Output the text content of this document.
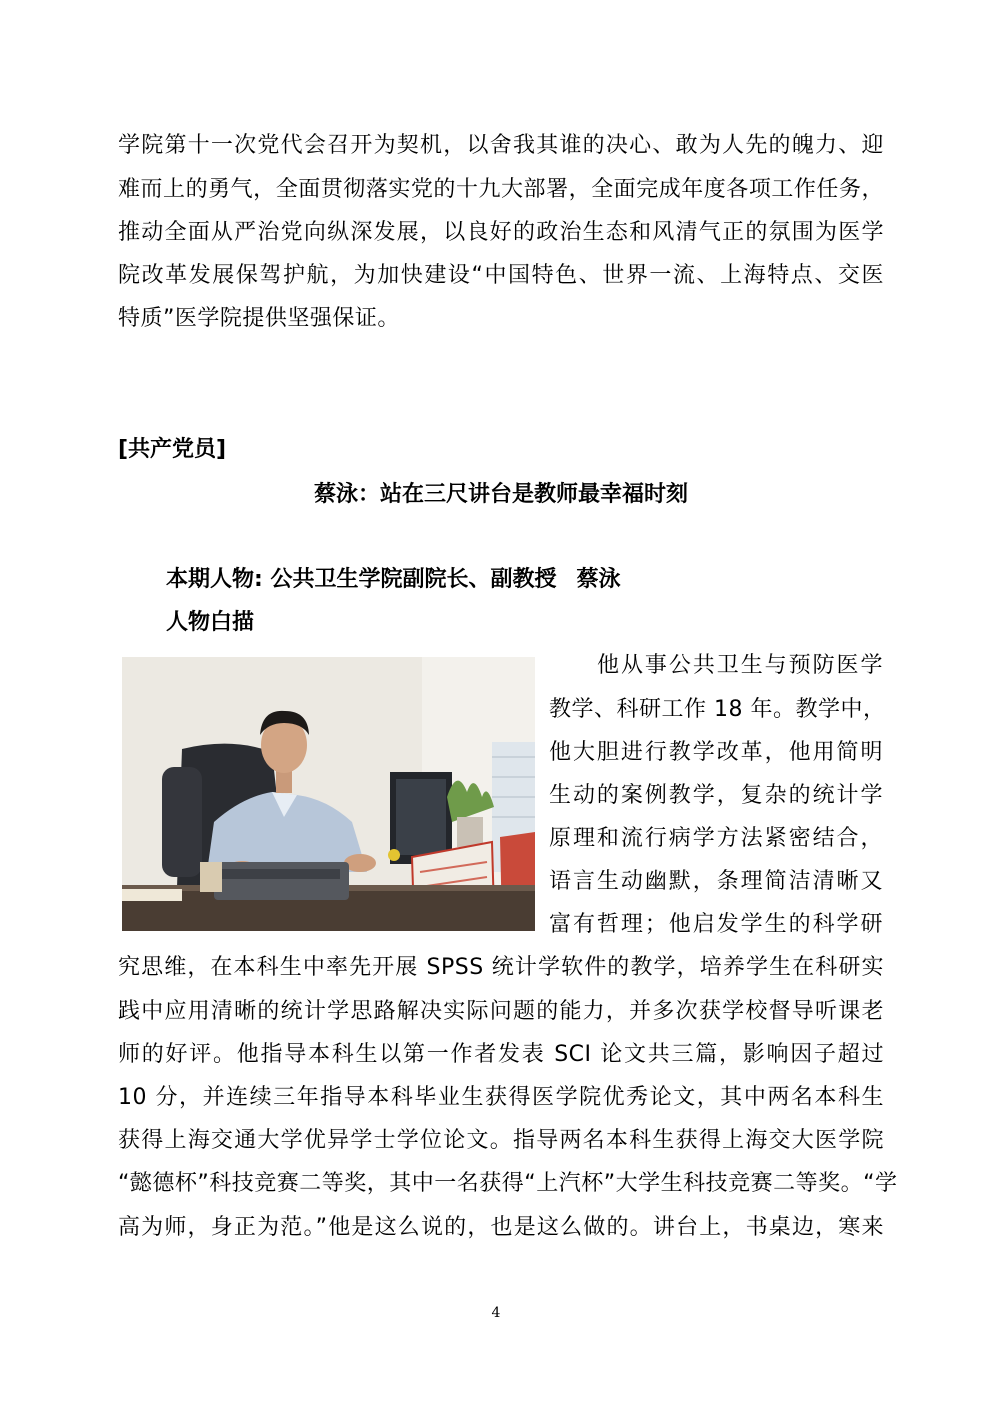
学院第十一次党代会召开为契机，以舍我其谁的决心、敢为人先的魄力、迎
难而上的勇气，全面贯彻落实党的十九大部署，全面完成年度各项工作任务，
推动全面从严治党向纵深发展，以良好的政治生态和风清气正的氛围为医学
院改革发展保驾护航，为加快建设“中国特色、世界一流、上海特点、交医
特质”医学院提供坚强保证。
[共产党员]
蔡泳：站在三尺讲台是教师最幸福时刻
本期人物: 公共卫生学院副院长、副教授 蔡泳
人物白描
他从事公共卫生与预防医学
教学、科研工作 18 年。教学中，
他大胆进行教学改革，他用简明
生动的案例教学，复杂的统计学
原理和流行病学方法紧密结合，
语言生动幽默，条理简洁清晰又
富有哲理；他启发学生的科学研
究思维，在本科生中率先开展 SPSS 统计学软件的教学，培养学生在科研实
践中应用清晰的统计学思路解决实际问题的能力，并多次获学校督导听课老
师的好评。他指导本科生以第一作者发表 SCI 论文共三篇，影响因子超过
10 分，并连续三年指导本科毕业生获得医学院优秀论文，其中两名本科生
获得上海交通大学优异学士学位论文。指导两名本科生获得上海交大医学院
“懿德杯”科技竞赛二等奖，其中一名获得“上汽杯”大学生科技竞赛二等奖。“学
高为师，身正为范。”他是这么说的，也是这么做的。讲台上，书桌边，寒来
4
